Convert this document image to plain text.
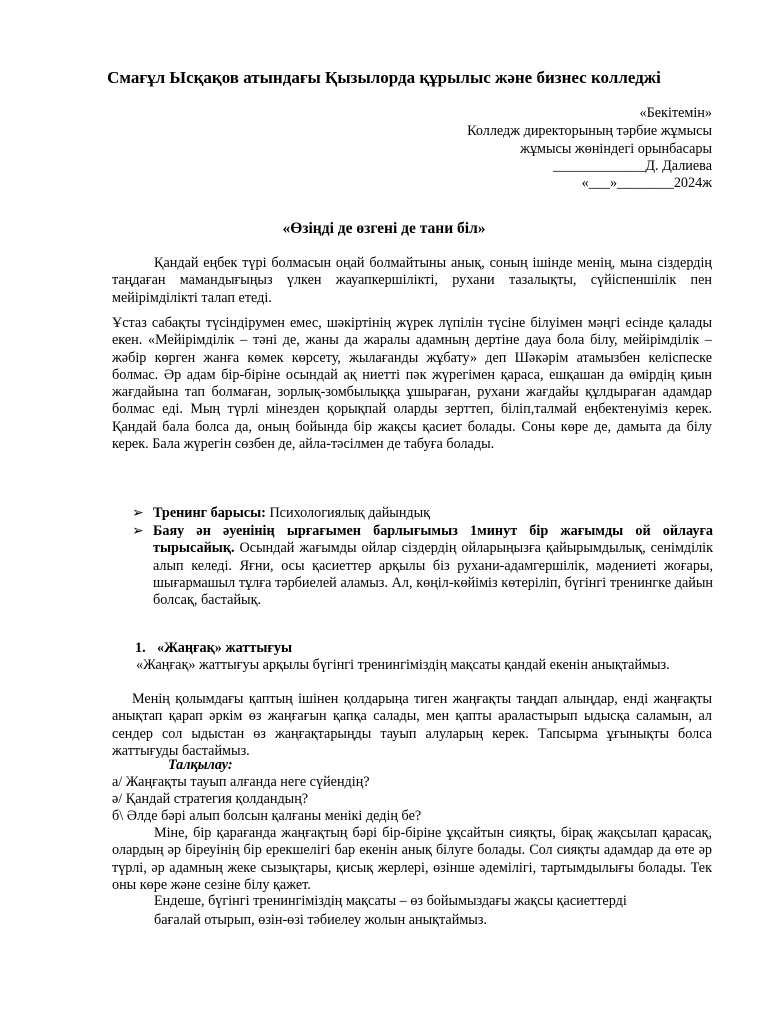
Смағұл Ысқақов атындағы Қызылорда құрылыс және бизнес колледжі
«Бекітемін»
Колледж директорының тәрбие жұмысы
жұмысы жөніндегі орынбасары
_____________Д. Далиева
«___»________2024ж
«Өзіңді де өзгені де тани біл»
Қандай еңбек түрі болмасын оңай болмайтыны анық, соның ішінде менің, мына сіздердің таңдаған мамандығыңыз үлкен жауапкершілікті, рухани тазалықты, сүйіспеншілік пен мейірімділікті талап етеді.
Ұстаз сабақты түсіндірумен емес, шәкіртінің жүрек лүпілін түсіне білуімен мәңгі есінде қалады екен. «Мейірімділік – тәні де, жаны да жаралы адамның дертіне дауа бола білу, мейірімділік – жәбір көрген жанға көмек көрсету, жылағанды жұбату» деп Шәкәрім атамызбен келіспеске болмас. Әр адам бір-біріне осындай ақ ниетті пәк жүрегімен қараса, ешқашан да өмірдің қиын жағдайына тап болмаған, зорлық-зомбылыққа ұшыраған, рухани жағдайы құлдыраған адамдар болмас еді. Мың түрлі мінезден қорықпай оларды зерттеп, біліп,талмай еңбектенуіміз керек. Қандай бала болса да, оның бойында бір жақсы қасиет болады. Соны көре де, дамыта да білу керек. Бала жүрегін сөзбен де, айла-тәсілмен де табуға болады.
➢ Тренинг барысы: Психологиялық дайындық
➢ Баяу ән әуенінің ырғағымен барлығымыз 1минут бір жағымды ой ойлауға тырысайық. Осындай жағымды ойлар сіздердің ойларыңызға қайырымдылық, сенімділік алып келеді. Яғни, осы қасиеттер арқылы біз рухани-адамгершілік, мәдениеті жоғары, шығармашыл тұлға тәрбиелей аламыз. Ал, көңіл-көйіміз көтеріліп, бүгінгі тренингке дайын болсақ, бастайық.
1. «Жаңғақ» жаттығуы
«Жаңғақ» жаттығуы арқылы бүгінгі тренингіміздің мақсаты қандай екенін анықтаймыз.
Менің қолымдағы қаптың ішінен қолдарыңа тиген жаңғақты таңдап алыңдар, енді жаңғақты анықтап қарап әркім өз жаңғағын қапқа салады, мен қапты араластырып ыдысқа саламын, ал сендер сол ыдыстан өз жаңғақтарыңды тауып алуларың керек. Тапсырма ұғынықты болса жаттығуды бастаймыз.
Талқылау:
а/ Жаңғақты тауып алғанда неге сүйендің?
ә/ Қандай стратегия қолдандың?
б\ Әлде бәрі алып болсын қалғаны менікі дедің бе?
Міне, бір қарағанда жаңғақтың бәрі бір-біріне ұқсайтын сияқты, бірақ жақсылап қарасақ, олардың әр біреуінің бір ерекшелігі бар екенін анық білуге болады. Сол сияқты адамдар да өте әр түрлі, әр адамның жеке сызықтары, қисық жерлері, өзінше әдемілігі, тартымдылығы болады. Тек оны көре және сезіне білу қажет.
Ендеше, бүгінгі тренингіміздің мақсаты – өз бойымыздағы жақсы қасиеттерді
бағалай отырып, өзін-өзі тәбиелеу жолын анықтаймыз.
